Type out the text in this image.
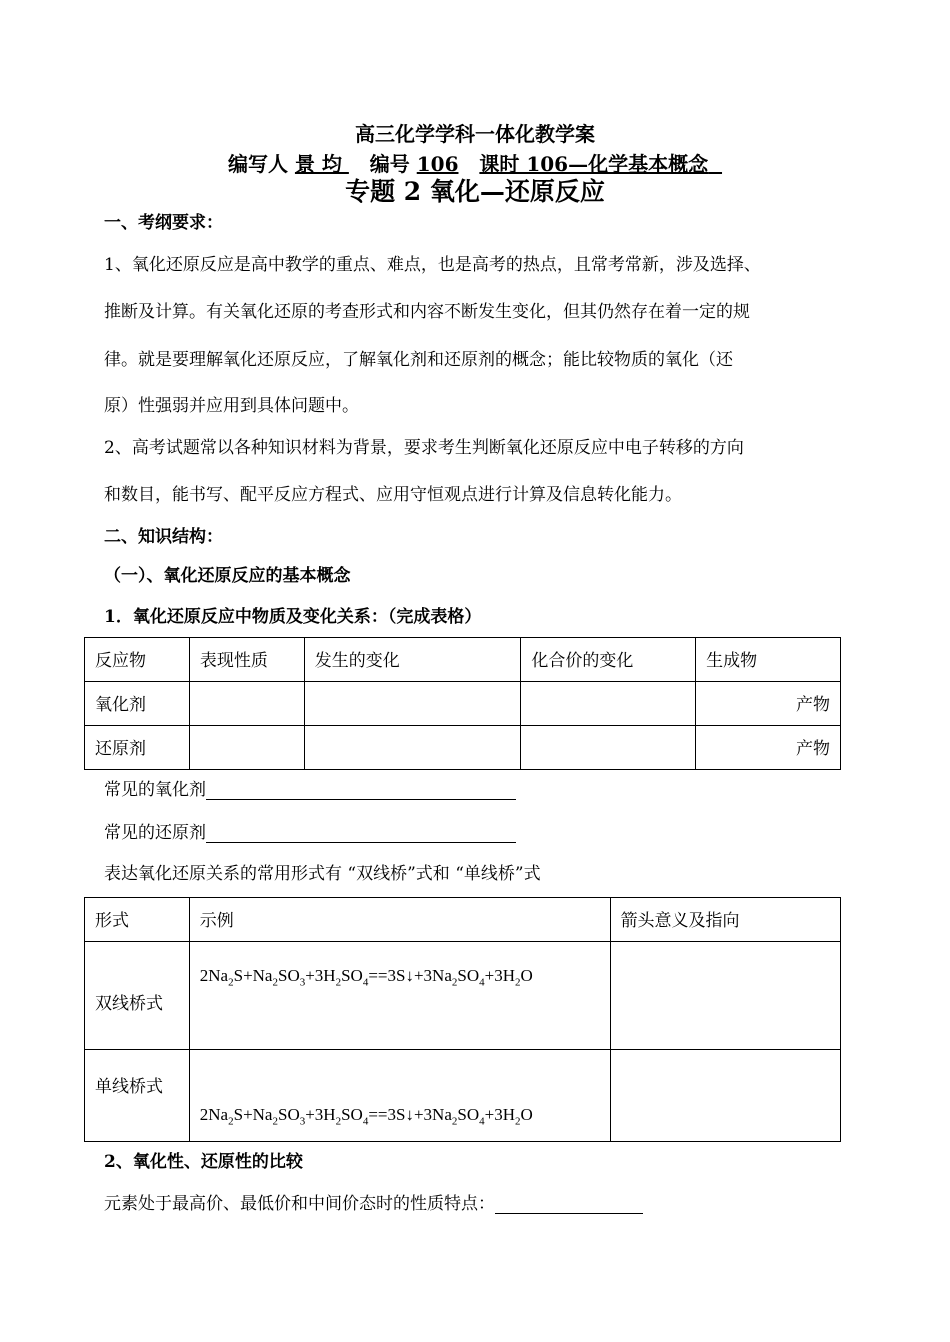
高三化学学科一体化教学案
编写人 景 均    编号 106 课时 106—化学基本概念
专题 2 氧化—还原反应
一、考纲要求：
1、氧化还原反应是高中教学的重点、难点，也是高考的热点，且常考常新，涉及选择、
推断及计算。有关氧化还原的考查形式和内容不断发生变化，但其仍然存在着一定的规
律。就是要理解氧化还原反应，了解氧化剂和还原剂的概念；能比较物质的氧化（还
原）性强弱并应用到具体问题中。
2、高考试题常以各种知识材料为背景，要求考生判断氧化还原反应中电子转移的方向
和数目，能书写、配平反应方程式、应用守恒观点进行计算及信息转化能力。
二、知识结构：
（一）、氧化还原反应的基本概念
1．氧化还原反应中物质及变化关系：（完成表格）
反应物	表现性质	发生的变化	化合价的变化	生成物
氧化剂				产物
还原剂				产物
常见的氧化剂
常见的还原剂
表达氧化还原关系的常用形式有 “双线桥”式和 “单线桥”式
形式	示例	箭头意义及指向
双线桥式	$2Na_2S+Na_2SO_3+3H_2SO_4==3S↓+3Na_2SO_4+3H_2O$	
单线桥式	$2Na_2S+Na_2SO_3+3H_2SO_4==3S↓+3Na_2SO_4+3H_2O$	
2、氧化性、还原性的比较
元素处于最高价、最低价和中间价态时的性质特点：
